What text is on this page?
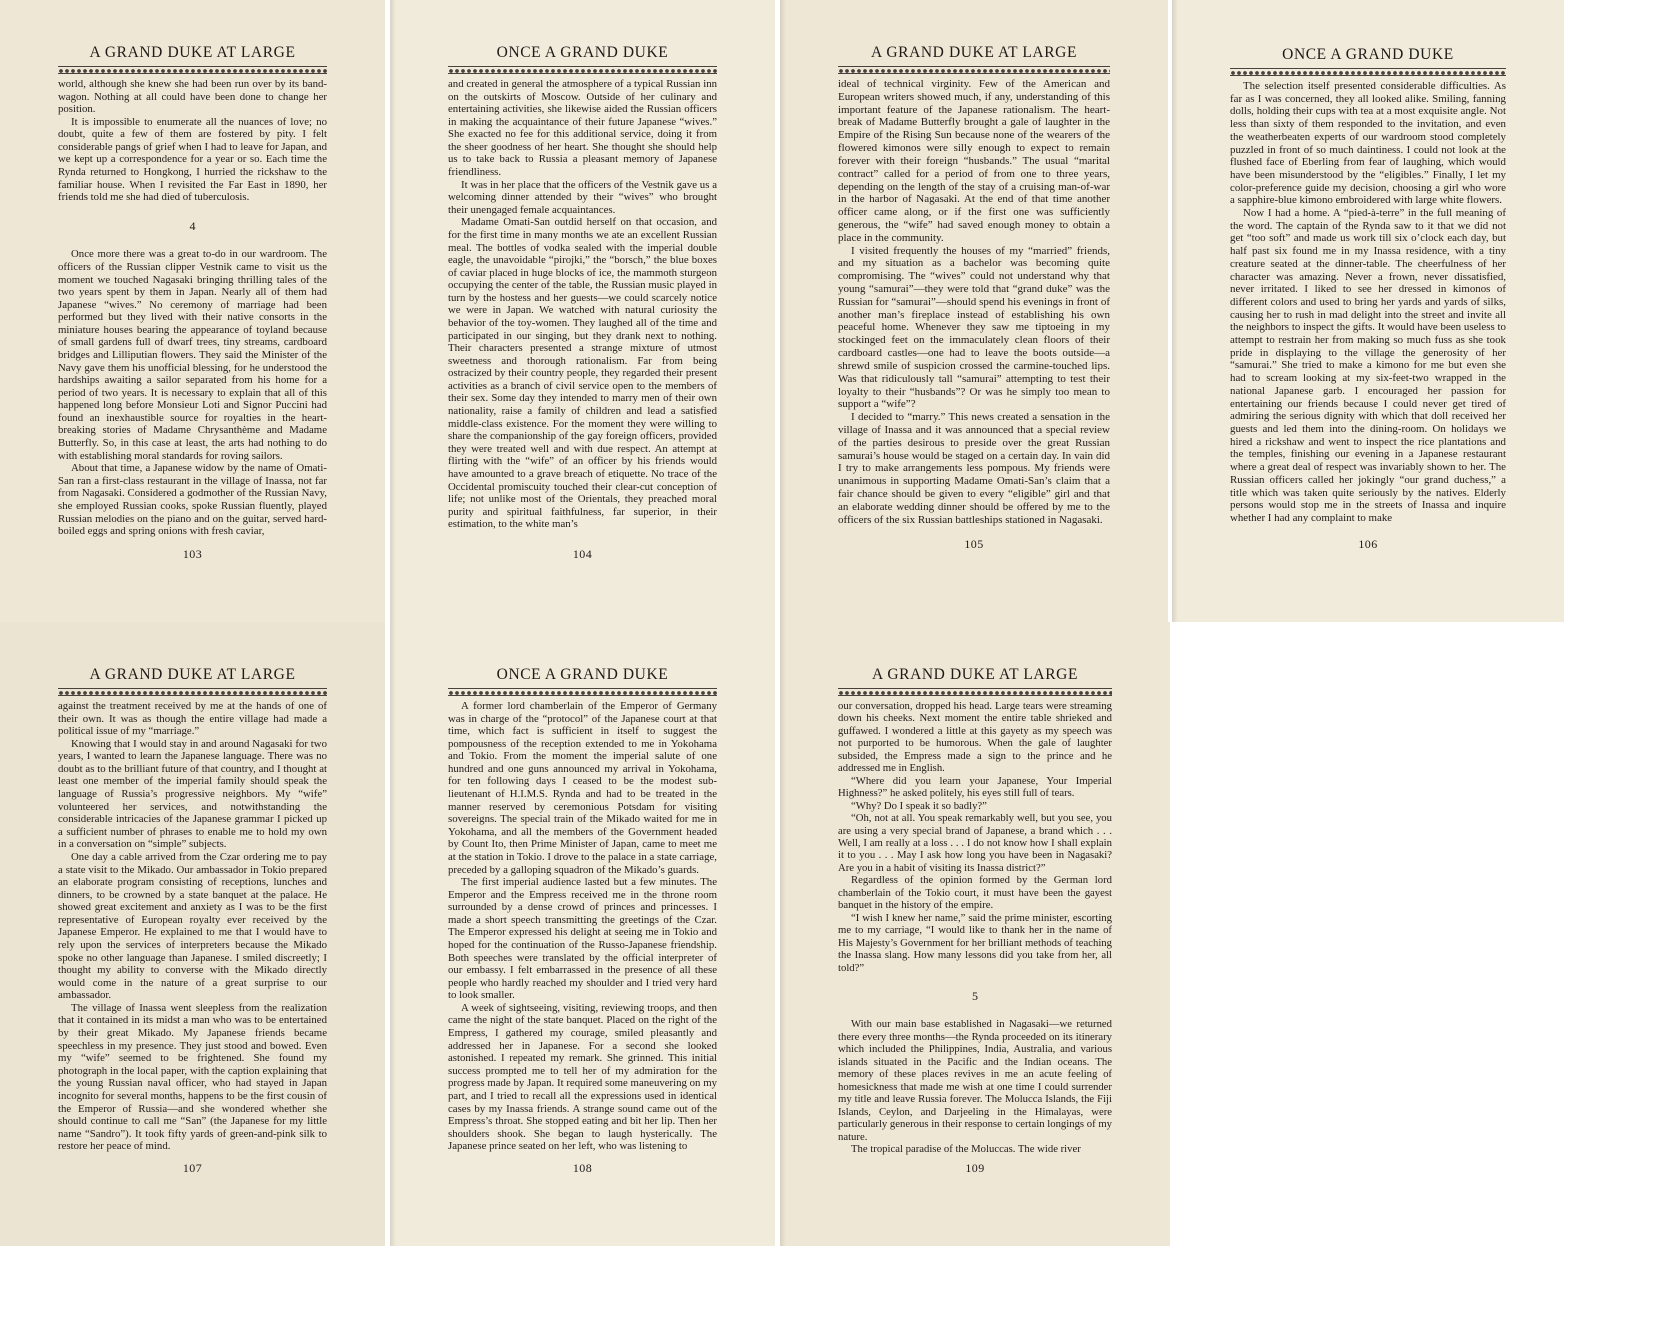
A GRAND DUKE AT LARGE

world, although she knew she had been run over by its band-wagon. Nothing at all could have been done to change her position.

It is impossible to enumerate all the nuances of love; no doubt, quite a few of them are fostered by pity. I felt considerable pangs of grief when I had to leave for Japan, and we kept up a correspondence for a year or so. Each time the Rynda returned to Hongkong, I hurried the rickshaw to the familiar house. When I revisited the Far East in 1890, her friends told me she had died of tuberculosis.

4

Once more there was a great to-do in our wardroom. The officers of the Russian clipper Vestnik came to visit us the moment we touched Nagasaki bringing thrilling tales of the two years spent by them in Japan. Nearly all of them had Japanese “wives.” No ceremony of marriage had been performed but they lived with their native consorts in the miniature houses bearing the appearance of toyland because of small gardens full of dwarf trees, tiny streams, cardboard bridges and Lilliputian flowers. They said the Minister of the Navy gave them his unofficial blessing, for he understood the hardships awaiting a sailor separated from his home for a period of two years. It is necessary to explain that all of this happened long before Monsieur Loti and Signor Puccini had found an inexhaustible source for royalties in the heart-breaking stories of Madame Chrysanthème and Madame Butterfly. So, in this case at least, the arts had nothing to do with establishing moral standards for roving sailors.

About that time, a Japanese widow by the name of Omati-San ran a first-class restaurant in the village of Inassa, not far from Nagasaki. Considered a godmother of the Russian Navy, she employed Russian cooks, spoke Russian fluently, played Russian melodies on the piano and on the guitar, served hard-boiled eggs and spring onions with fresh caviar,

103
ONCE A GRAND DUKE

and created in general the atmosphere of a typical Russian inn on the outskirts of Moscow. Outside of her culinary and entertaining activities, she likewise aided the Russian officers in making the acquaintance of their future Japanese “wives.” She exacted no fee for this additional service, doing it from the sheer goodness of her heart. She thought she should help us to take back to Russia a pleasant memory of Japanese friendliness.

It was in her place that the officers of the Vestnik gave us a welcoming dinner attended by their “wives” who brought their unengaged female acquaintances.

Madame Omati-San outdid herself on that occasion, and for the first time in many months we ate an excellent Russian meal. The bottles of vodka sealed with the imperial double eagle, the unavoidable “pirojki,” the “borsch,” the blue boxes of caviar placed in huge blocks of ice, the mammoth sturgeon occupying the center of the table, the Russian music played in turn by the hostess and her guests—we could scarcely notice we were in Japan. We watched with natural curiosity the behavior of the toy-women. They laughed all of the time and participated in our singing, but they drank next to nothing. Their characters presented a strange mixture of utmost sweetness and thorough rationalism. Far from being ostracized by their country people, they regarded their present activities as a branch of civil service open to the members of their sex. Some day they intended to marry men of their own nationality, raise a family of children and lead a satisfied middle-class existence. For the moment they were willing to share the companionship of the gay foreign officers, provided they were treated well and with due respect. An attempt at flirting with the “wife” of an officer by his friends would have amounted to a grave breach of etiquette. No trace of the Occidental promiscuity touched their clear-cut conception of life; not unlike most of the Orientals, they preached moral purity and spiritual faithfulness, far superior, in their estimation, to the white man’s

104
A GRAND DUKE AT LARGE

ideal of technical virginity. Few of the American and European writers showed much, if any, understanding of this important feature of the Japanese rationalism. The heart-break of Madame Butterfly brought a gale of laughter in the Empire of the Rising Sun because none of the wearers of the flowered kimonos were silly enough to expect to remain forever with their foreign “husbands.” The usual “marital contract” called for a period of from one to three years, depending on the length of the stay of a cruising man-of-war in the harbor of Nagasaki. At the end of that time another officer came along, or if the first one was sufficiently generous, the “wife” had saved enough money to obtain a place in the community.

I visited frequently the houses of my “married” friends, and my situation as a bachelor was becoming quite compromising. The “wives” could not understand why that young “samurai”—they were told that “grand duke” was the Russian for “samurai”—should spend his evenings in front of another man’s fireplace instead of establishing his own peaceful home. Whenever they saw me tiptoeing in my stockinged feet on the immaculately clean floors of their cardboard castles—one had to leave the boots outside—a shrewd smile of suspicion crossed the carmine-touched lips. Was that ridiculously tall “samurai” attempting to test their loyalty to their “husbands”? Or was he simply too mean to support a “wife”?

I decided to “marry.” This news created a sensation in the village of Inassa and it was announced that a special review of the parties desirous to preside over the great Russian samurai’s house would be staged on a certain day. In vain did I try to make arrangements less pompous. My friends were unanimous in supporting Madame Omati-San’s claim that a fair chance should be given to every “eligible” girl and that an elaborate wedding dinner should be offered by me to the officers of the six Russian battleships stationed in Nagasaki.

105
ONCE A GRAND DUKE

The selection itself presented considerable difficulties. As far as I was concerned, they all looked alike. Smiling, fanning dolls, holding their cups with tea at a most exquisite angle. Not less than sixty of them responded to the invitation, and even the weatherbeaten experts of our wardroom stood completely puzzled in front of so much daintiness. I could not look at the flushed face of Eberling from fear of laughing, which would have been misunderstood by the “eligibles.” Finally, I let my color-preference guide my decision, choosing a girl who wore a sapphire-blue kimono embroidered with large white flowers.

Now I had a home. A “pied-à-terre” in the full meaning of the word. The captain of the Rynda saw to it that we did not get “too soft” and made us work till six o’clock each day, but half past six found me in my Inassa residence, with a tiny creature seated at the dinner-table. The cheerfulness of her character was amazing. Never a frown, never dissatisfied, never irritated. I liked to see her dressed in kimonos of different colors and used to bring her yards and yards of silks, causing her to rush in mad delight into the street and invite all the neighbors to inspect the gifts. It would have been useless to attempt to restrain her from making so much fuss as she took pride in displaying to the village the generosity of her “samurai.” She tried to make a kimono for me but even she had to scream looking at my six-feet-two wrapped in the national Japanese garb. I encouraged her passion for entertaining our friends because I could never get tired of admiring the serious dignity with which that doll received her guests and led them into the dining-room. On holidays we hired a rickshaw and went to inspect the rice plantations and the temples, finishing our evening in a Japanese restaurant where a great deal of respect was invariably shown to her. The Russian officers called her jokingly “our grand duchess,” a title which was taken quite seriously by the natives. Elderly persons would stop me in the streets of Inassa and inquire whether I had any complaint to make

106
A GRAND DUKE AT LARGE

against the treatment received by me at the hands of one of their own. It was as though the entire village had made a political issue of my “marriage.”

Knowing that I would stay in and around Nagasaki for two years, I wanted to learn the Japanese language. There was no doubt as to the brilliant future of that country, and I thought at least one member of the imperial family should speak the language of Russia’s progressive neighbors. My “wife” volunteered her services, and notwithstanding the considerable intricacies of the Japanese grammar I picked up a sufficient number of phrases to enable me to hold my own in a conversation on “simple” subjects.

One day a cable arrived from the Czar ordering me to pay a state visit to the Mikado. Our ambassador in Tokio prepared an elaborate program consisting of receptions, lunches and dinners, to be crowned by a state banquet at the palace. He showed great excitement and anxiety as I was to be the first representative of European royalty ever received by the Japanese Emperor. He explained to me that I would have to rely upon the services of interpreters because the Mikado spoke no other language than Japanese. I smiled discreetly; I thought my ability to converse with the Mikado directly would come in the nature of a great surprise to our ambassador.

The village of Inassa went sleepless from the realization that it contained in its midst a man who was to be entertained by their great Mikado. My Japanese friends became speechless in my presence. They just stood and bowed. Even my “wife” seemed to be frightened. She found my photograph in the local paper, with the caption explaining that the young Russian naval officer, who had stayed in Japan incognito for several months, happens to be the first cousin of the Emperor of Russia—and she wondered whether she should continue to call me “San” (the Japanese for my little name “Sandro”). It took fifty yards of green-and-pink silk to restore her peace of mind.

107
ONCE A GRAND DUKE

A former lord chamberlain of the Emperor of Germany was in charge of the “protocol” of the Japanese court at that time, which fact is sufficient in itself to suggest the pompousness of the reception extended to me in Yokohama and Tokio. From the moment the imperial salute of one hundred and one guns announced my arrival in Yokohama, for ten following days I ceased to be the modest sub-lieutenant of H.I.M.S. Rynda and had to be treated in the manner reserved by ceremonious Potsdam for visiting sovereigns. The special train of the Mikado waited for me in Yokohama, and all the members of the Government headed by Count Ito, then Prime Minister of Japan, came to meet me at the station in Tokio. I drove to the palace in a state carriage, preceded by a galloping squadron of the Mikado’s guards.

The first imperial audience lasted but a few minutes. The Emperor and the Empress received me in the throne room surrounded by a dense crowd of princes and princesses. I made a short speech transmitting the greetings of the Czar. The Emperor expressed his delight at seeing me in Tokio and hoped for the continuation of the Russo-Japanese friendship. Both speeches were translated by the official interpreter of our embassy. I felt embarrassed in the presence of all these people who hardly reached my shoulder and I tried very hard to look smaller.

A week of sightseeing, visiting, reviewing troops, and then came the night of the state banquet. Placed on the right of the Empress, I gathered my courage, smiled pleasantly and addressed her in Japanese. For a second she looked astonished. I repeated my remark. She grinned. This initial success prompted me to tell her of my admiration for the progress made by Japan. It required some maneuvering on my part, and I tried to recall all the expressions used in identical cases by my Inassa friends. A strange sound came out of the Empress’s throat. She stopped eating and bit her lip. Then her shoulders shook. She began to laugh hysterically. The Japanese prince seated on her left, who was listening to

108
A GRAND DUKE AT LARGE

our conversation, dropped his head. Large tears were streaming down his cheeks. Next moment the entire table shrieked and guffawed. I wondered a little at this gayety as my speech was not purported to be humorous. When the gale of laughter subsided, the Empress made a sign to the prince and he addressed me in English.

“Where did you learn your Japanese, Your Imperial Highness?” he asked politely, his eyes still full of tears.

“Why? Do I speak it so badly?”

“Oh, not at all. You speak remarkably well, but you see, you are using a very special brand of Japanese, a brand which . . . Well, I am really at a loss . . . I do not know how I shall explain it to you . . . May I ask how long you have been in Nagasaki? Are you in a habit of visiting its Inassa district?”

Regardless of the opinion formed by the German lord chamberlain of the Tokio court, it must have been the gayest banquet in the history of the empire.

“I wish I knew her name,” said the prime minister, escorting me to my carriage, “I would like to thank her in the name of His Majesty’s Government for her brilliant methods of teaching the Inassa slang. How many lessons did you take from her, all told?”

5

With our main base established in Nagasaki—we returned there every three months—the Rynda proceeded on its itinerary which included the Philippines, India, Australia, and various islands situated in the Pacific and the Indian oceans. The memory of these places revives in me an acute feeling of homesickness that made me wish at one time I could surrender my title and leave Russia forever. The Molucca Islands, the Fiji Islands, Ceylon, and Darjeeling in the Himalayas, were particularly generous in their response to certain longings of my nature.

The tropical paradise of the Moluccas. The wide river

109
